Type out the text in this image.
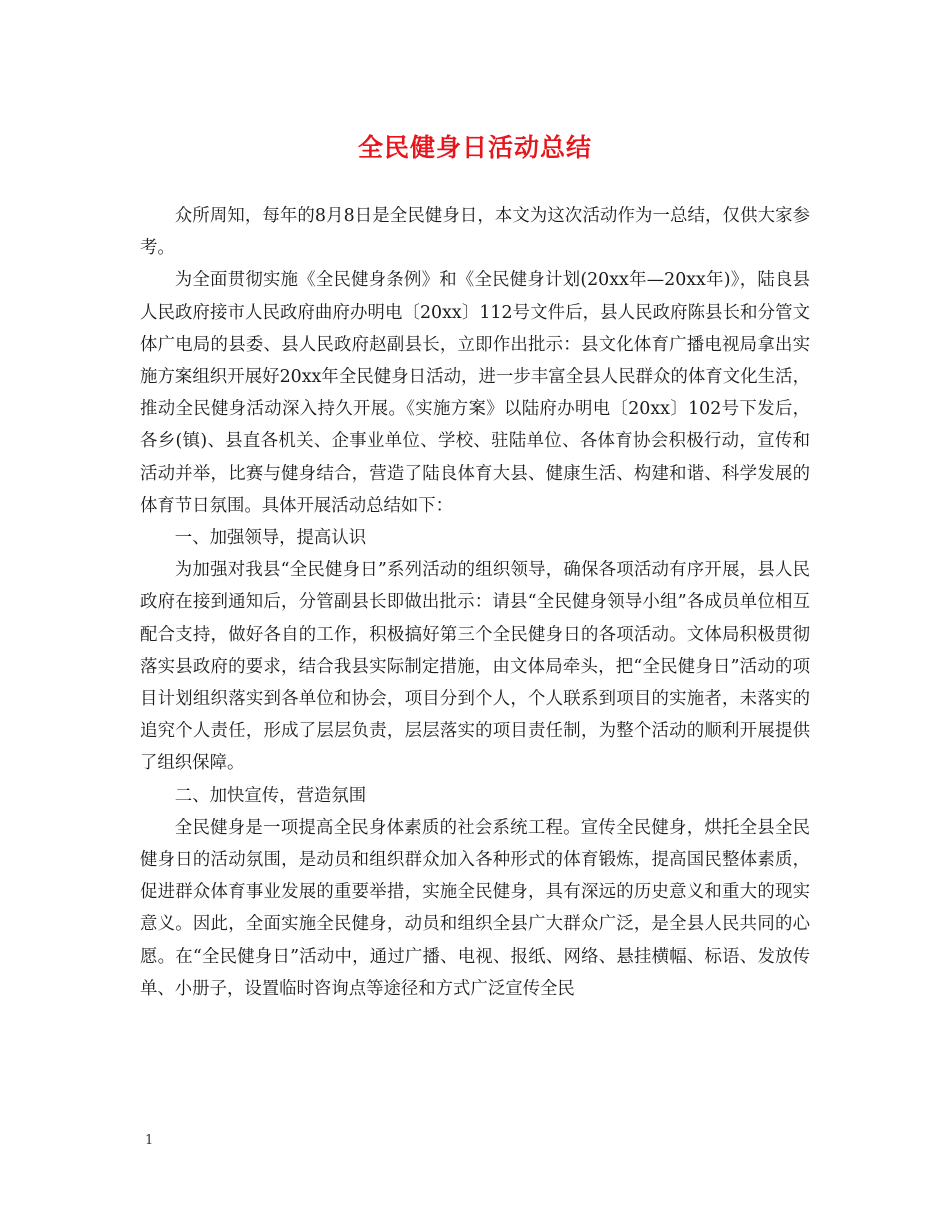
全民健身日活动总结

众所周知，每年的8月8日是全民健身日，本文为这次活动作为一总结，仅供大家参考。

为全面贯彻实施《全民健身条例》和《全民健身计划(20xx年—20xx年)》，陆良县人民政府接市人民政府曲府办明电〔20xx〕112号文件后，县人民政府陈县长和分管文体广电局的县委、县人民政府赵副县长，立即作出批示：县文化体育广播电视局拿出实施方案组织开展好20xx年全民健身日活动，进一步丰富全县人民群众的体育文化生活，推动全民健身活动深入持久开展。《实施方案》以陆府办明电〔20xx〕102号下发后，各乡(镇)、县直各机关、企事业单位、学校、驻陆单位、各体育协会积极行动，宣传和活动并举，比赛与健身结合，营造了陆良体育大县、健康生活、构建和谐、科学发展的体育节日氛围。具体开展活动总结如下：

一、加强领导，提高认识

为加强对我县“全民健身日”系列活动的组织领导，确保各项活动有序开展，县人民政府在接到通知后，分管副县长即做出批示：请县“全民健身领导小组”各成员单位相互配合支持，做好各自的工作，积极搞好第三个全民健身日的各项活动。文体局积极贯彻落实县政府的要求，结合我县实际制定措施，由文体局牵头，把“全民健身日”活动的项目计划组织落实到各单位和协会，项目分到个人，个人联系到项目的实施者，未落实的追究个人责任，形成了层层负责，层层落实的项目责任制，为整个活动的顺利开展提供了组织保障。

二、加快宣传，营造氛围

全民健身是一项提高全民身体素质的社会系统工程。宣传全民健身，烘托全县全民健身日的活动氛围，是动员和组织群众加入各种形式的体育锻炼，提高国民整体素质，促进群众体育事业发展的重要举措，实施全民健身，具有深远的历史意义和重大的现实意义。因此，全面实施全民健身，动员和组织全县广大群众广泛，是全县人民共同的心愿。在“全民健身日”活动中，通过广播、电视、报纸、网络、悬挂横幅、标语、发放传单、小册子，设置临时咨询点等途径和方式广泛宣传全民

1
